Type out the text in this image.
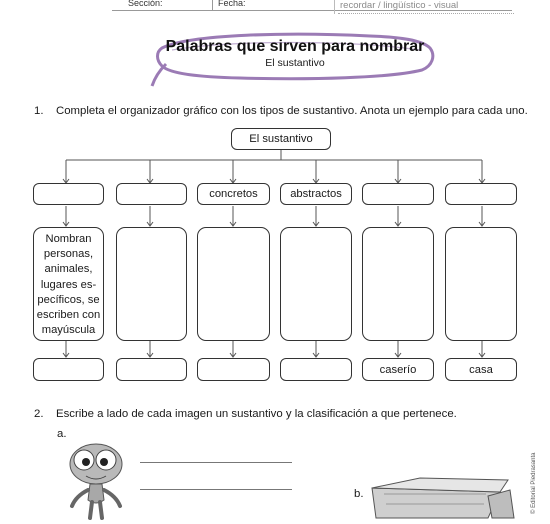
Sección:	Fecha:	recordar / lingüístico - visual
Palabras que sirven para nombrar
El sustantivo
1. Completa el organizador gráfico con los tipos de sustantivo. Anota un ejemplo para cada uno.
El sustantivo
concretos	abstractos
Nombran
personas,
animales,
lugares es-
pecíficos, se
escriben con
mayúscula
caserío	casa
2. Escribe a lado de cada imagen un sustantivo y la clasificación a que pertenece.
a.
b.	© Editorial Piedrasanta
